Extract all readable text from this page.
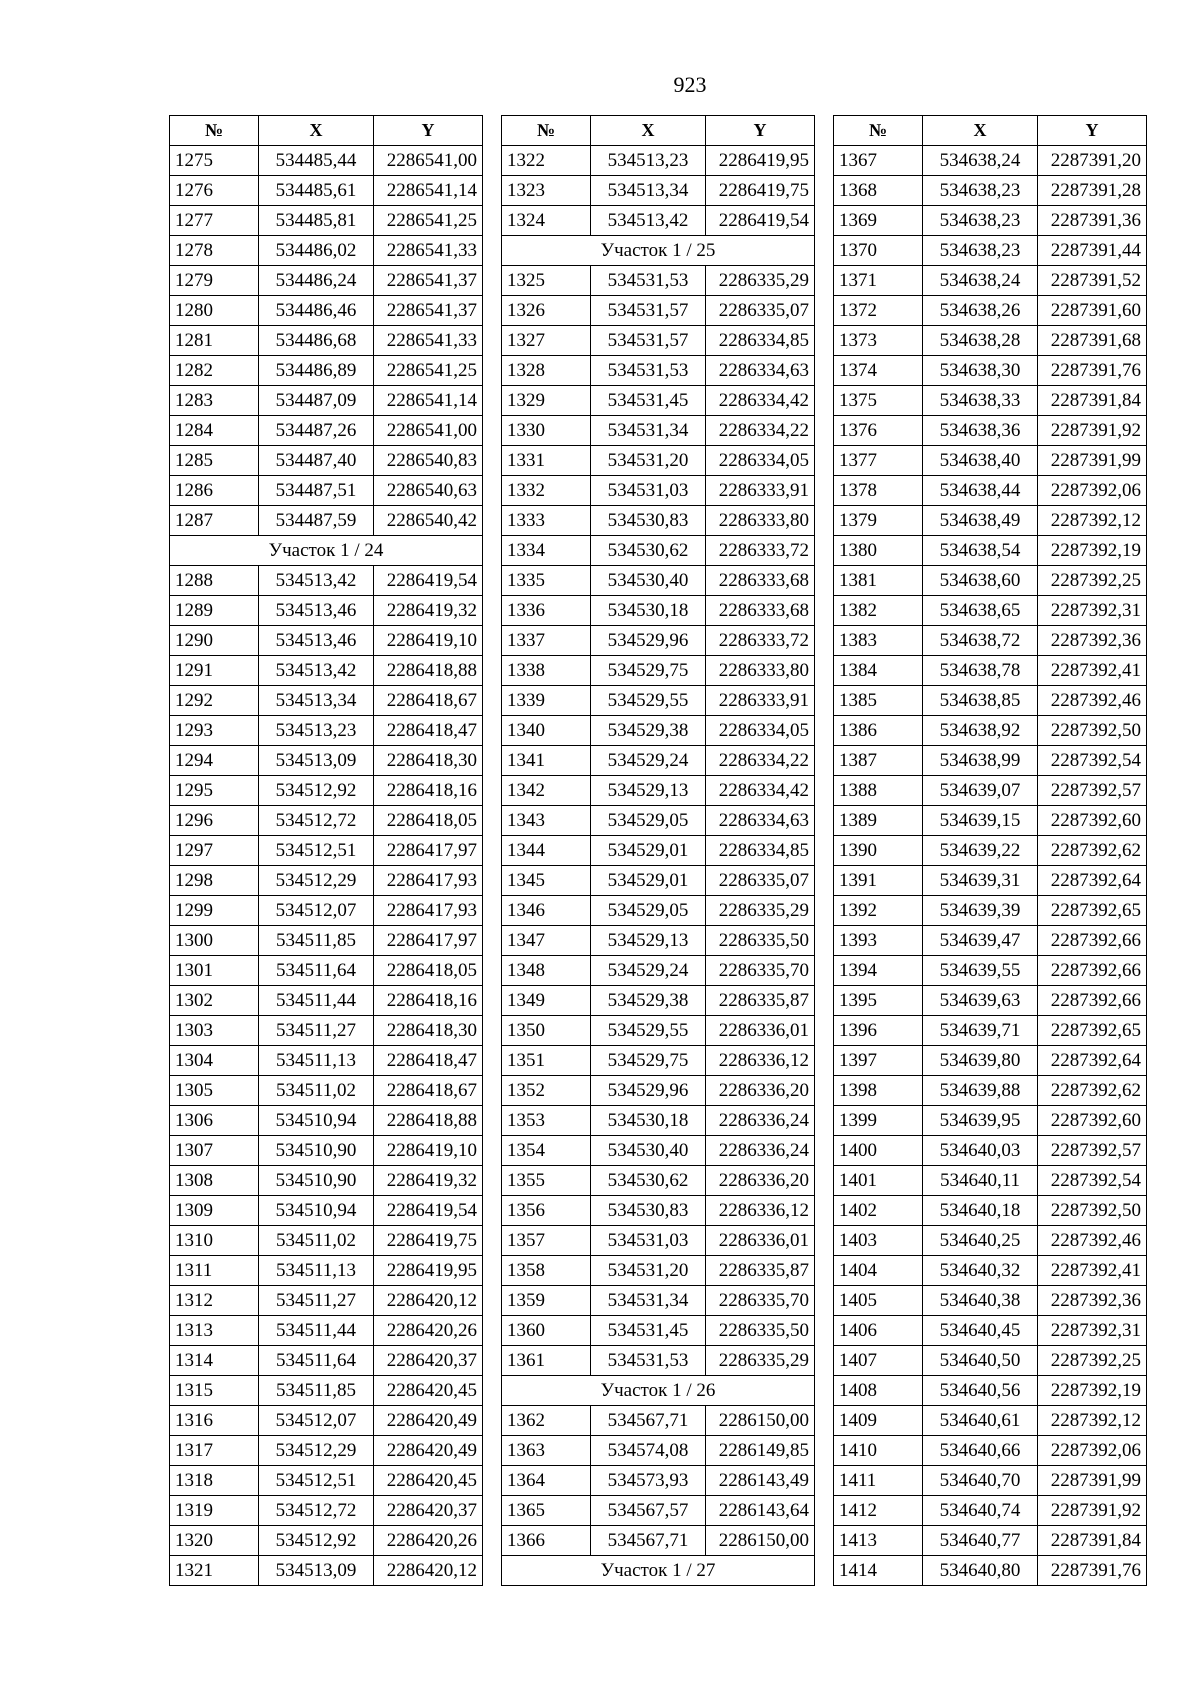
923
№	X	Y
1275	534485,44	2286541,00
1276	534485,61	2286541,14
1277	534485,81	2286541,25
1278	534486,02	2286541,33
1279	534486,24	2286541,37
1280	534486,46	2286541,37
1281	534486,68	2286541,33
1282	534486,89	2286541,25
1283	534487,09	2286541,14
1284	534487,26	2286541,00
1285	534487,40	2286540,83
1286	534487,51	2286540,63
1287	534487,59	2286540,42
Участок 1 / 24		
1288	534513,42	2286419,54
1289	534513,46	2286419,32
1290	534513,46	2286419,10
1291	534513,42	2286418,88
1292	534513,34	2286418,67
1293	534513,23	2286418,47
1294	534513,09	2286418,30
1295	534512,92	2286418,16
1296	534512,72	2286418,05
1297	534512,51	2286417,97
1298	534512,29	2286417,93
1299	534512,07	2286417,93
1300	534511,85	2286417,97
1301	534511,64	2286418,05
1302	534511,44	2286418,16
1303	534511,27	2286418,30
1304	534511,13	2286418,47
1305	534511,02	2286418,67
1306	534510,94	2286418,88
1307	534510,90	2286419,10
1308	534510,90	2286419,32
1309	534510,94	2286419,54
1310	534511,02	2286419,75
1311	534511,13	2286419,95
1312	534511,27	2286420,12
1313	534511,44	2286420,26
1314	534511,64	2286420,37
1315	534511,85	2286420,45
1316	534512,07	2286420,49
1317	534512,29	2286420,49
1318	534512,51	2286420,45
1319	534512,72	2286420,37
1320	534512,92	2286420,26
1321	534513,09	2286420,12
№	X	Y
1322	534513,23	2286419,95
1323	534513,34	2286419,75
1324	534513,42	2286419,54
Участок 1 / 25		
1325	534531,53	2286335,29
1326	534531,57	2286335,07
1327	534531,57	2286334,85
1328	534531,53	2286334,63
1329	534531,45	2286334,42
1330	534531,34	2286334,22
1331	534531,20	2286334,05
1332	534531,03	2286333,91
1333	534530,83	2286333,80
1334	534530,62	2286333,72
1335	534530,40	2286333,68
1336	534530,18	2286333,68
1337	534529,96	2286333,72
1338	534529,75	2286333,80
1339	534529,55	2286333,91
1340	534529,38	2286334,05
1341	534529,24	2286334,22
1342	534529,13	2286334,42
1343	534529,05	2286334,63
1344	534529,01	2286334,85
1345	534529,01	2286335,07
1346	534529,05	2286335,29
1347	534529,13	2286335,50
1348	534529,24	2286335,70
1349	534529,38	2286335,87
1350	534529,55	2286336,01
1351	534529,75	2286336,12
1352	534529,96	2286336,20
1353	534530,18	2286336,24
1354	534530,40	2286336,24
1355	534530,62	2286336,20
1356	534530,83	2286336,12
1357	534531,03	2286336,01
1358	534531,20	2286335,87
1359	534531,34	2286335,70
1360	534531,45	2286335,50
1361	534531,53	2286335,29
Участок 1 / 26		
1362	534567,71	2286150,00
1363	534574,08	2286149,85
1364	534573,93	2286143,49
1365	534567,57	2286143,64
1366	534567,71	2286150,00
Участок 1 / 27		
№	X	Y
1367	534638,24	2287391,20
1368	534638,23	2287391,28
1369	534638,23	2287391,36
1370	534638,23	2287391,44
1371	534638,24	2287391,52
1372	534638,26	2287391,60
1373	534638,28	2287391,68
1374	534638,30	2287391,76
1375	534638,33	2287391,84
1376	534638,36	2287391,92
1377	534638,40	2287391,99
1378	534638,44	2287392,06
1379	534638,49	2287392,12
1380	534638,54	2287392,19
1381	534638,60	2287392,25
1382	534638,65	2287392,31
1383	534638,72	2287392,36
1384	534638,78	2287392,41
1385	534638,85	2287392,46
1386	534638,92	2287392,50
1387	534638,99	2287392,54
1388	534639,07	2287392,57
1389	534639,15	2287392,60
1390	534639,22	2287392,62
1391	534639,31	2287392,64
1392	534639,39	2287392,65
1393	534639,47	2287392,66
1394	534639,55	2287392,66
1395	534639,63	2287392,66
1396	534639,71	2287392,65
1397	534639,80	2287392,64
1398	534639,88	2287392,62
1399	534639,95	2287392,60
1400	534640,03	2287392,57
1401	534640,11	2287392,54
1402	534640,18	2287392,50
1403	534640,25	2287392,46
1404	534640,32	2287392,41
1405	534640,38	2287392,36
1406	534640,45	2287392,31
1407	534640,50	2287392,25
1408	534640,56	2287392,19
1409	534640,61	2287392,12
1410	534640,66	2287392,06
1411	534640,70	2287391,99
1412	534640,74	2287391,92
1413	534640,77	2287391,84
1414	534640,80	2287391,76
